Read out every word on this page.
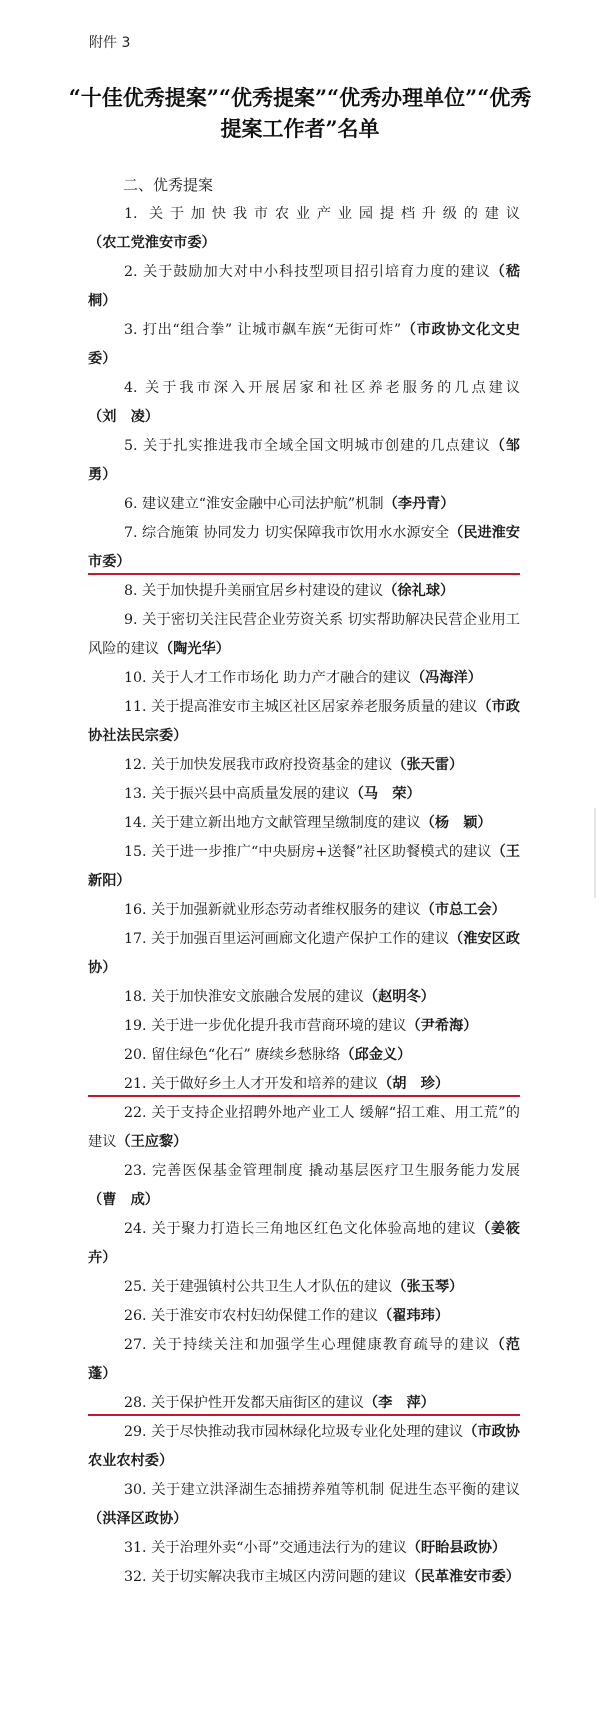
附件 3
“十佳优秀提案”“优秀提案”“优秀办理单位”“优秀提案工作者”名单
二、优秀提案

1. 关于加快我市农业产业园提档升级的建议（农工党淮安市委）

2. 关于鼓励加大对中小科技型项目招引培育力度的建议（嵇　桐）

3. 打出“组合拳” 让城市飙车族“无街可炸”（市政协文化文史委）

4. 关于我市深入开展居家和社区养老服务的几点建议（刘　凌）

5. 关于扎实推进我市全域全国文明城市创建的几点建议（邹　勇）

6. 建议建立“淮安金融中心司法护航”机制（李丹青）

7. 综合施策 协同发力 切实保障我市饮用水水源安全（民进淮安市委）

8. 关于加快提升美丽宜居乡村建设的建议（徐礼球）

9. 关于密切关注民营企业劳资关系 切实帮助解决民营企业用工风险的建议（陶光华）

10. 关于人才工作市场化 助力产才融合的建议（冯海洋）

11. 关于提高淮安市主城区社区居家养老服务质量的建议（市政协社法民宗委）

12. 关于加快发展我市政府投资基金的建议（张天雷）

13. 关于振兴县中高质量发展的建议（马　荣）

14. 关于建立新出地方文献管理呈缴制度的建议（杨　颖）

15. 关于进一步推广“中央厨房+送餐”社区助餐模式的建议（王新阳）

16. 关于加强新就业形态劳动者维权服务的建议（市总工会）

17. 关于加强百里运河画廊文化遗产保护工作的建议（淮安区政协）

18. 关于加快淮安文旅融合发展的建议（赵明冬）

19. 关于进一步优化提升我市营商环境的建议（尹希海）

20. 留住绿色“化石” 赓续乡愁脉络（邱金义）

21. 关于做好乡土人才开发和培养的建议（胡　珍）

22. 关于支持企业招聘外地产业工人 缓解“招工难、用工荒”的建议（王应黎）

23. 完善医保基金管理制度 撬动基层医疗卫生服务能力发展（曹　成）

24. 关于聚力打造长三角地区红色文化体验高地的建议（姜筱卉）

25. 关于建强镇村公共卫生人才队伍的建议（张玉琴）

26. 关于淮安市农村妇幼保健工作的建议（翟玮玮）

27. 关于持续关注和加强学生心理健康教育疏导的建议（范　蓬）

28. 关于保护性开发都天庙街区的建议（李　萍）

29. 关于尽快推动我市园林绿化垃圾专业化处理的建议（市政协农业农村委）

30. 关于建立洪泽湖生态捕捞养殖等机制 促进生态平衡的建议（洪泽区政协）

31. 关于治理外卖“小哥”交通违法行为的建议（盱眙县政协）

32. 关于切实解决我市主城区内涝问题的建议（民革淮安市委）
